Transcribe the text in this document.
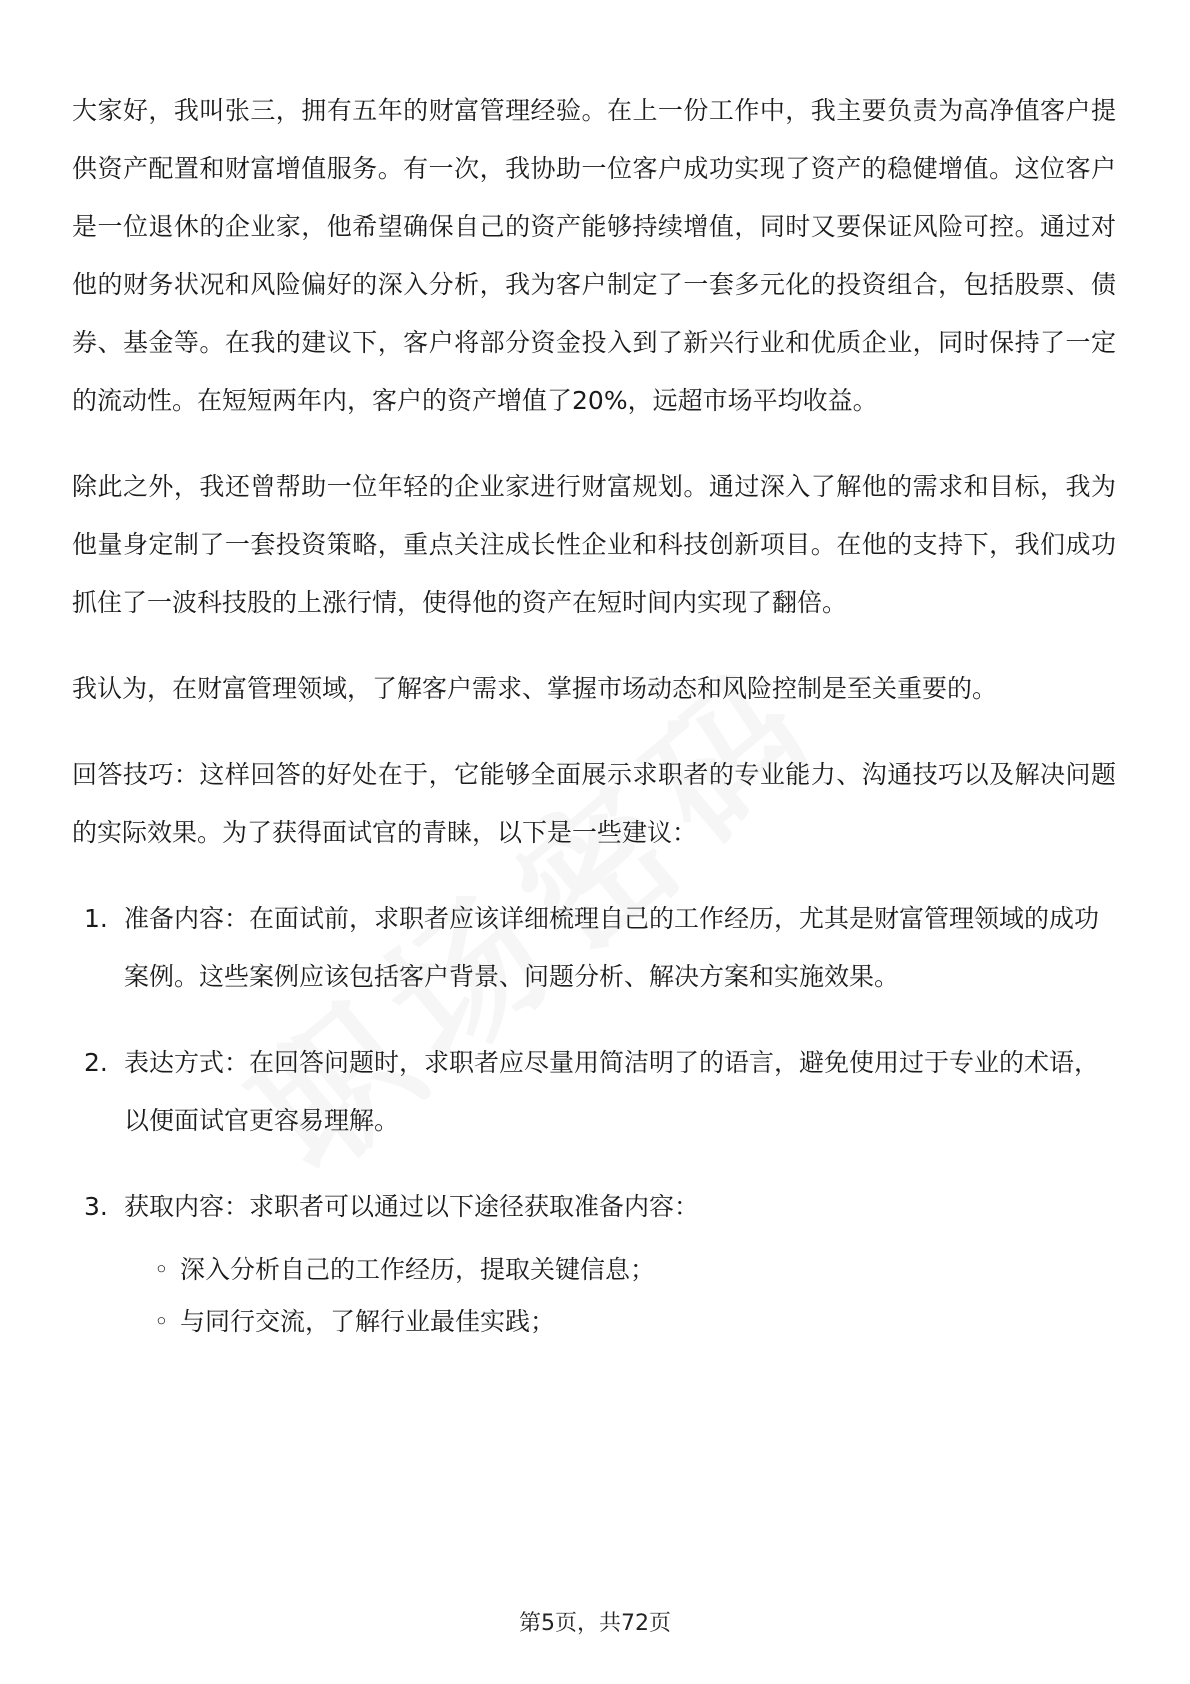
大家好，我叫张三，拥有五年的财富管理经验。在上一份工作中，我主要负责为高净值客户提供资产配置和财富增值服务。有一次，我协助一位客户成功实现了资产的稳健增值。这位客户是一位退休的企业家，他希望确保自己的资产能够持续增值，同时又要保证风险可控。通过对他的财务状况和风险偏好的深入分析，我为客户制定了一套多元化的投资组合，包括股票、债券、基金等。在我的建议下，客户将部分资金投入到了新兴行业和优质企业，同时保持了一定的流动性。在短短两年内，客户的资产增值了20%，远超市场平均收益。

除此之外，我还曾帮助一位年轻的企业家进行财富规划。通过深入了解他的需求和目标，我为他量身定制了一套投资策略，重点关注成长性企业和科技创新项目。在他的支持下，我们成功抓住了一波科技股的上涨行情，使得他的资产在短时间内实现了翻倍。

我认为，在财富管理领域，了解客户需求、掌握市场动态和风险控制是至关重要的。

回答技巧：这样回答的好处在于，它能够全面展示求职者的专业能力、沟通技巧以及解决问题的实际效果。为了获得面试官的青睐，以下是一些建议：

1. 准备内容：在面试前，求职者应该详细梳理自己的工作经历，尤其是财富管理领域的成功案例。这些案例应该包括客户背景、问题分析、解决方案和实施效果。
2. 表达方式：在回答问题时，求职者应尽量用简洁明了的语言，避免使用过于专业的术语，以便面试官更容易理解。
3. 获取内容：求职者可以通过以下途径获取准备内容：
◦ 深入分析自己的工作经历，提取关键信息；
◦ 与同行交流，了解行业最佳实践；
第5页，共72页
